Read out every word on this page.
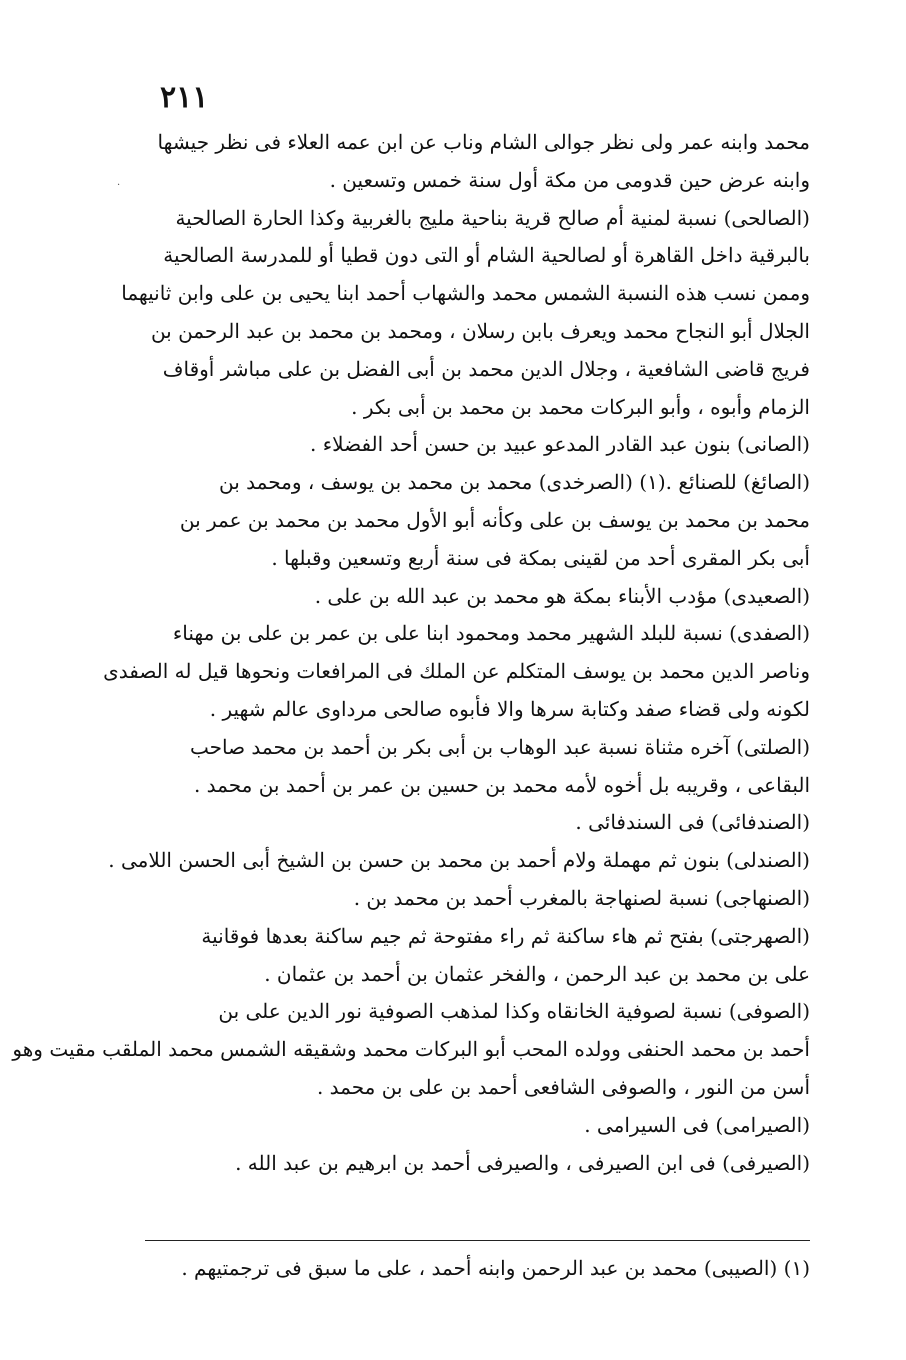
٢١١
·
محمد وابنه عمر ولى نظر جوالى الشام وناب عن ابن عمه العلاء فى نظر جيشها
وابنه عرض حين قدومى من مكة أول سنة خمس وتسعين .
(الصالحى) نسبة لمنية أم صالح قرية بناحية مليج بالغربية وكذا الحارة الصالحية
بالبرقية داخل القاهرة أو لصالحية الشام أو التى دون قطيا أو للمدرسة الصالحية
وممن نسب هذه النسبة الشمس محمد والشهاب أحمد ابنا يحيى بن على وابن ثانيهما
الجلال أبو النجاح محمد ويعرف بابن رسلان ، ومحمد بن محمد بن عبد الرحمن بن
فريج قاضى الشافعية ، وجلال الدين محمد بن أبى الفضل بن على مباشر أوقاف
الزمام وأبوه ، وأبو البركات محمد بن محمد بن أبى بكر .
(الصانى) بنون عبد القادر المدعو عبيد بن حسن أحد الفضلاء .
(الصائغ) للصنائع .(١) (الصرخدى) محمد بن محمد بن يوسف ، ومحمد بن
محمد بن محمد بن يوسف بن على وكأنه أبو الأول محمد بن محمد بن عمر بن
أبى بكر المقرى أحد من لقينى بمكة فى سنة أربع وتسعين وقبلها .
(الصعيدى) مؤدب الأبناء بمكة هو محمد بن عبد الله بن على .
(الصفدى) نسبة للبلد الشهير محمد ومحمود ابنا على بن عمر بن على بن مهناء
وناصر الدين محمد بن يوسف المتكلم عن الملك فى المرافعات ونحوها قيل له الصفدى
لكونه ولى قضاء صفد وكتابة سرها والا فأبوه صالحى مرداوى عالم شهير .
(الصلتى) آخره مثناة نسبة عبد الوهاب بن أبى بكر بن أحمد بن محمد صاحب
البقاعى ، وقريبه بل أخوه لأمه محمد بن حسين بن عمر بن أحمد بن محمد .
(الصندفائى) فى السندفائى .
(الصندلى) بنون ثم مهملة ولام أحمد بن محمد بن حسن بن الشيخ أبى الحسن اللامى .
(الصنهاجى) نسبة لصنهاجة بالمغرب أحمد بن محمد بن .
(الصهرجتى) بفتح ثم هاء ساكنة ثم راء مفتوحة ثم جيم ساكنة بعدها فوقانية
على بن محمد بن عبد الرحمن ، والفخر عثمان بن أحمد بن عثمان .
(الصوفى) نسبة لصوفية الخانقاه وكذا لمذهب الصوفية نور الدين على بن
أحمد بن محمد الحنفى وولده المحب أبو البركات محمد وشقيقه الشمس محمد الملقب مقيت وهو
أسن من النور ، والصوفى الشافعى أحمد بن على بن محمد .
(الصيرامى) فى السيرامى .
(الصيرفى) فى ابن الصيرفى ، والصيرفى أحمد بن ابرهيم بن عبد الله .
(١) (الصيبى) محمد بن عبد الرحمن وابنه أحمد ، على ما سبق فى ترجمتيهم .
